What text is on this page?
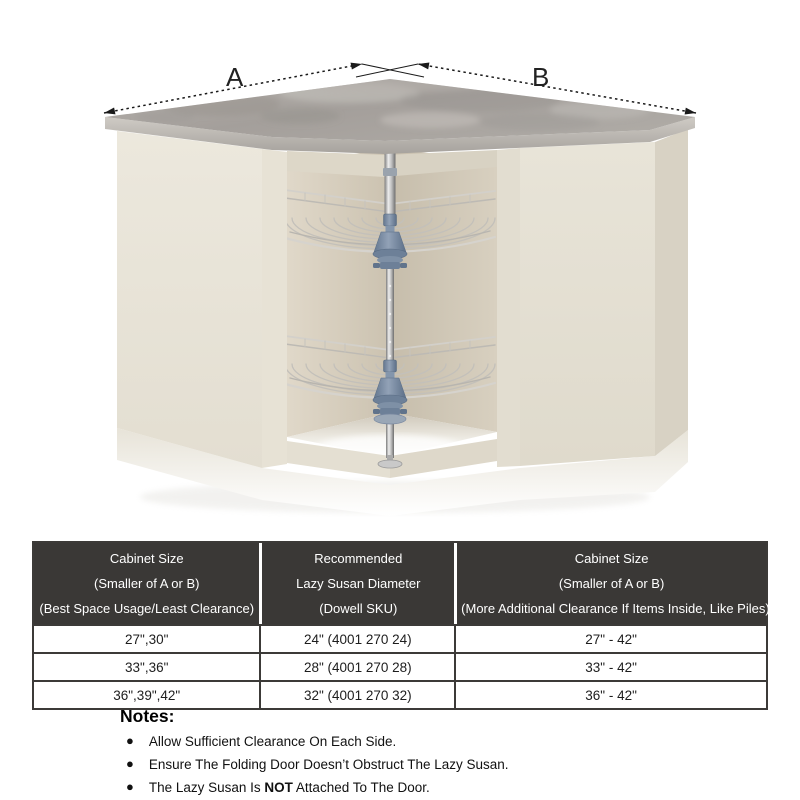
A	B
Cabinet Size
(Smaller of A or B)
(Best Space Usage/Least Clearance)

Recommended
Lazy Susan Diameter
(Dowell SKU)

Cabinet Size
(Smaller of A or B)
(More Additional Clearance If Items Inside, Like Piles)

27",30"	24" (4001 270 24)	27" - 42"
33",36"	28" (4001 270 28)	33" - 42"
36",39",42"	32" (4001 270 32)	36" - 42"
Notes:
● Allow Sufficient Clearance On Each Side.
● Ensure The Folding Door Doesn’t Obstruct The Lazy Susan.
● The Lazy Susan Is NOT Attached To The Door.
